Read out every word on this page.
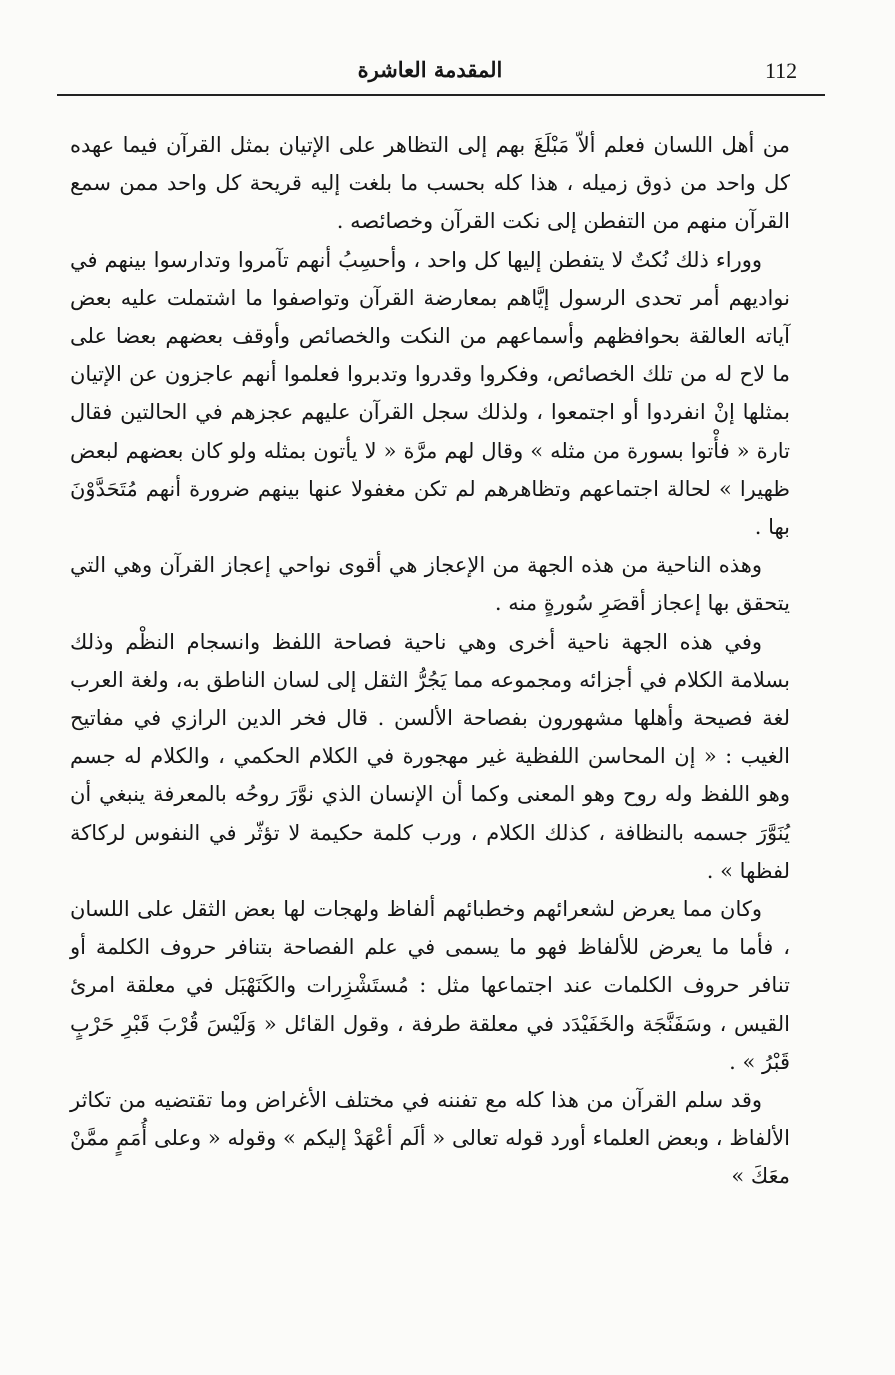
112
المقدمة العاشرة

من أهل اللسان فعلم ألاّ مَبْلَغَ بهم إلى التظاهر على الإتيان بمثل القرآن فيما عهده كل واحد من ذوق زميله ، هذا كله بحسب ما بلغت إليه قريحة كل واحد ممن سمع القرآن منهم من التفطن إلى نكت القرآن وخصائصه .

ووراء ذلك نُكتٌ لا يتفطن إليها كل واحد ، وأحسِبُ أنهم تآمروا وتدارسوا بينهم في نواديهم أمر تحدى الرسول إيَّاهم بمعارضة القرآن وتواصفوا ما اشتملت عليه بعض آياته العالقة بحوافظهم وأسماعهم من النكت والخصائص وأوقف بعضهم بعضا على ما لاح له من تلك الخصائص، وفكروا وقدروا وتدبروا فعلموا أنهم عاجزون عن الإتيان بمثلها إنْ انفردوا أو اجتمعوا ، ولذلك سجل القرآن عليهم عجزهم في الحالتين فقال تارة « فأْتوا بسورة من مثله » وقال لهم مرَّة « لا يأتون بمثله ولو كان بعضهم لبعض ظهيرا » لحالة اجتماعهم وتظاهرهم لم تكن مغفولا عنها بينهم ضرورة أنهم مُتَحَدَّوْنَ بها .

وهذه الناحية من هذه الجهة من الإعجاز هي أقوى نواحي إعجاز القرآن وهي التي يتحقق بها إعجاز أقصَرِ سُورةٍ منه .

وفي هذه الجهة ناحية أخرى وهي ناحية فصاحة اللفظ وانسجام النظْم وذلك بسلامة الكلام في أجزائه ومجموعه مما يَجُرُّ الثقل إلى لسان الناطق به، ولغة العرب لغة فصيحة وأهلها مشهورون بفصاحة الألسن . قال فخر الدين الرازي في مفاتيح الغيب : « إن المحاسن اللفظية غير مهجورة في الكلام الحكمي ، والكلام له جسم وهو اللفظ وله روح وهو المعنى وكما أن الإنسان الذي نوَّرَ روحُه بالمعرفة ينبغي أن يُنَوَّرَ جسمه بالنظافة ، كذلك الكلام ، ورب كلمة حكيمة لا تؤثّر في النفوس لركاكة لفظها » .

وكان مما يعرض لشعرائهم وخطبائهم ألفاظ ولهجات لها بعض الثقل على اللسان ، فأما ما يعرض للألفاظ فهو ما يسمى في علم الفصاحة بتنافر حروف الكلمة أو تنافر حروف الكلمات عند اجتماعها مثل : مُستَشْزِرات والكَنَهْبَل في معلقة امرئ القيس ، وسَفَنَّجَة والخَفَيْدَد في معلقة طرفة ، وقول القائل « وَلَيْسَ قُرْبَ قَبْرِ حَرْبٍ قَبْرُ » .

وقد سلم القرآن من هذا كله مع تفننه في مختلف الأغراض وما تقتضيه من تكاثر الألفاظ ، وبعض العلماء أورد قوله تعالى « ألَم أعْهَدْ إليكم » وقوله « وعلى أُمَمٍ ممَّنْ معَكَ »
